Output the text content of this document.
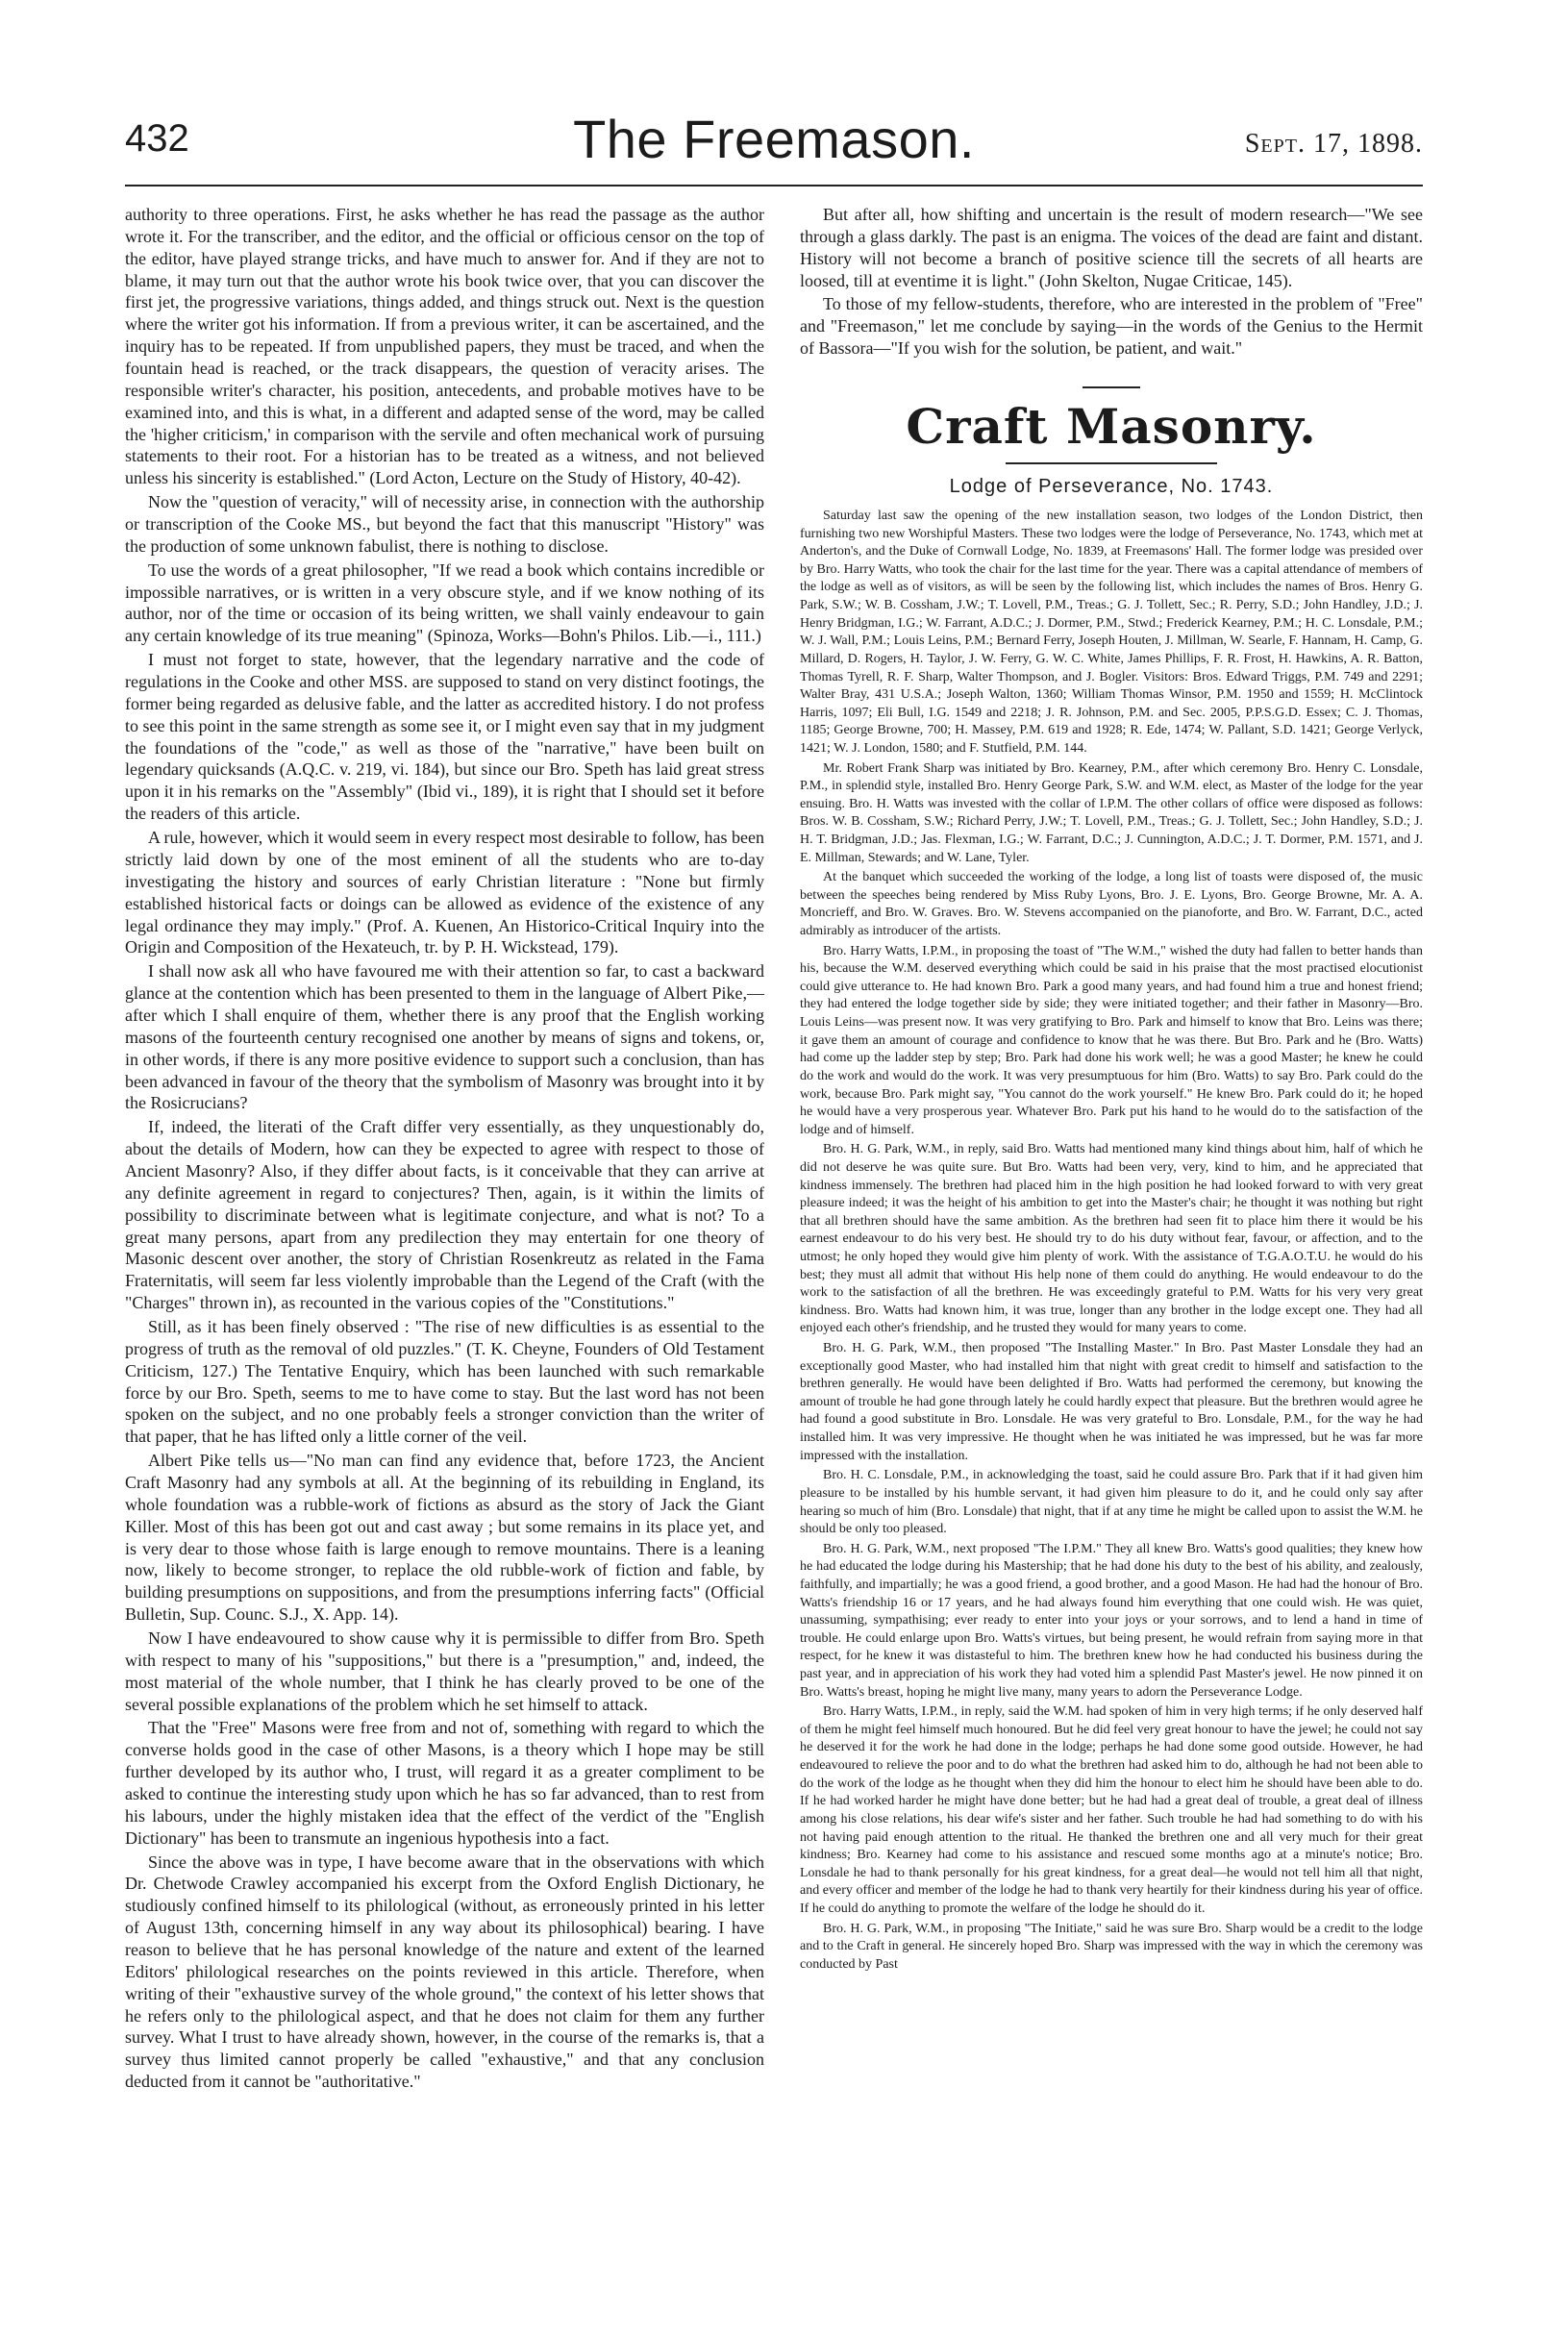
432	The Freemason.	Sept. 17, 1898.

authority to three operations. First, he asks whether he has read the passage as the author wrote it. For the transcriber, and the editor, and the official or officious censor on the top of the editor, have played strange tricks, and have much to answer for. And if they are not to blame, it may turn out that the author wrote his book twice over, that you can discover the first jet, the progressive variations, things added, and things struck out. Next is the question where the writer got his information. If from a previous writer, it can be ascertained, and the inquiry has to be repeated. If from unpublished papers, they must be traced, and when the fountain head is reached, or the track disappears, the question of veracity arises. The responsible writer's character, his position, antecedents, and probable motives have to be examined into, and this is what, in a different and adapted sense of the word, may be called the 'higher criticism,' in comparison with the servile and often mechanical work of pursuing statements to their root. For a historian has to be treated as a witness, and not believed unless his sincerity is established." (Lord Acton, Lecture on the Study of History, 40-42).

Now the "question of veracity," will of necessity arise, in connection with the authorship or transcription of the Cooke MS., but beyond the fact that this manuscript "History" was the production of some unknown fabulist, there is nothing to disclose.

To use the words of a great philosopher, "If we read a book which contains incredible or impossible narratives, or is written in a very obscure style, and if we know nothing of its author, nor of the time or occasion of its being written, we shall vainly endeavour to gain any certain knowledge of its true meaning" (Spinoza, Works—Bohn's Philos. Lib.—i., 111.)

I must not forget to state, however, that the legendary narrative and the code of regulations in the Cooke and other MSS. are supposed to stand on very distinct footings, the former being regarded as delusive fable, and the latter as accredited history. I do not profess to see this point in the same strength as some see it, or I might even say that in my judgment the foundations of the "code," as well as those of the "narrative," have been built on legendary quicksands (A.Q.C. v. 219, vi. 184), but since our Bro. Speth has laid great stress upon it in his remarks on the "Assembly" (Ibid vi., 189), it is right that I should set it before the readers of this article.

A rule, however, which it would seem in every respect most desirable to follow, has been strictly laid down by one of the most eminent of all the students who are to-day investigating the history and sources of early Christian literature : "None but firmly established historical facts or doings can be allowed as evidence of the existence of any legal ordinance they may imply." (Prof. A. Kuenen, An Historico-Critical Inquiry into the Origin and Composition of the Hexateuch, tr. by P. H. Wickstead, 179).

I shall now ask all who have favoured me with their attention so far, to cast a backward glance at the contention which has been presented to them in the language of Albert Pike,—after which I shall enquire of them, whether there is any proof that the English working masons of the fourteenth century recognised one another by means of signs and tokens, or, in other words, if there is any more positive evidence to support such a conclusion, than has been advanced in favour of the theory that the symbolism of Masonry was brought into it by the Rosicrucians?

If, indeed, the literati of the Craft differ very essentially, as they unquestionably do, about the details of Modern, how can they be expected to agree with respect to those of Ancient Masonry? Also, if they differ about facts, is it conceivable that they can arrive at any definite agreement in regard to conjectures? Then, again, is it within the limits of possibility to discriminate between what is legitimate conjecture, and what is not? To a great many persons, apart from any predilection they may entertain for one theory of Masonic descent over another, the story of Christian Rosenkreutz as related in the Fama Fraternitatis, will seem far less violently improbable than the Legend of the Craft (with the "Charges" thrown in), as recounted in the various copies of the "Constitutions."

Still, as it has been finely observed : "The rise of new difficulties is as essential to the progress of truth as the removal of old puzzles." (T. K. Cheyne, Founders of Old Testament Criticism, 127.) The Tentative Enquiry, which has been launched with such remarkable force by our Bro. Speth, seems to me to have come to stay. But the last word has not been spoken on the subject, and no one probably feels a stronger conviction than the writer of that paper, that he has lifted only a little corner of the veil.

Albert Pike tells us—"No man can find any evidence that, before 1723, the Ancient Craft Masonry had any symbols at all. At the beginning of its rebuilding in England, its whole foundation was a rubble-work of fictions as absurd as the story of Jack the Giant Killer. Most of this has been got out and cast away ; but some remains in its place yet, and is very dear to those whose faith is large enough to remove mountains. There is a leaning now, likely to become stronger, to replace the old rubble-work of fiction and fable, by building presumptions on suppositions, and from the presumptions inferring facts" (Official Bulletin, Sup. Counc. S.J., X. App. 14).

Now I have endeavoured to show cause why it is permissible to differ from Bro. Speth with respect to many of his "suppositions," but there is a "presumption," and, indeed, the most material of the whole number, that I think he has clearly proved to be one of the several possible explanations of the problem which he set himself to attack.

That the "Free" Masons were free from and not of, something with regard to which the converse holds good in the case of other Masons, is a theory which I hope may be still further developed by its author who, I trust, will regard it as a greater compliment to be asked to continue the interesting study upon which he has so far advanced, than to rest from his labours, under the highly mistaken idea that the effect of the verdict of the "English Dictionary" has been to transmute an ingenious hypothesis into a fact.

Since the above was in type, I have become aware that in the observations with which Dr. Chetwode Crawley accompanied his excerpt from the Oxford English Dictionary, he studiously confined himself to its philological (without, as erroneously printed in his letter of August 13th, concerning himself in any way about its philosophical) bearing. I have reason to believe that he has personal knowledge of the nature and extent of the learned Editors' philological researches on the points reviewed in this article. Therefore, when writing of their "exhaustive survey of the whole ground," the context of his letter shows that he refers only to the philological aspect, and that he does not claim for them any further survey. What I trust to have already shown, however, in the course of the remarks is, that a survey thus limited cannot properly be called "exhaustive," and that any conclusion deducted from it cannot be "authoritative."

But after all, how shifting and uncertain is the result of modern research—"We see through a glass darkly. The past is an enigma. The voices of the dead are faint and distant. History will not become a branch of positive science till the secrets of all hearts are loosed, till at eventime it is light." (John Skelton, Nugae Criticae, 145).

To those of my fellow-students, therefore, who are interested in the problem of "Free" and "Freemason," let me conclude by saying—in the words of the Genius to the Hermit of Bassora—"If you wish for the solution, be patient, and wait."

Craft Masonry.
Lodge of Perseverance, No. 1743.

Saturday last saw the opening of the new installation season, two lodges of the London District, then furnishing two new Worshipful Masters. These two lodges were the lodge of Perseverance, No. 1743, which met at Anderton's, and the Duke of Cornwall Lodge, No. 1839, at Freemasons' Hall. The former lodge was presided over by Bro. Harry Watts, who took the chair for the last time for the year. There was a capital attendance of members of the lodge as well as of visitors, as will be seen by the following list, which includes the names of Bros. Henry G. Park, S.W.; W. B. Cossham, J.W.; T. Lovell, P.M., Treas.; G. J. Tollett, Sec.; R. Perry, S.D.; John Handley, J.D.; J. Henry Bridgman, I.G.; W. Farrant, A.D.C.; J. Dormer, P.M., Stwd.; Frederick Kearney, P.M.; H. C. Lonsdale, P.M.; W. J. Wall, P.M.; Louis Leins, P.M.; Bernard Ferry, Joseph Houten, J. Millman, W. Searle, F. Hannam, H. Camp, G. Millard, D. Rogers, H. Taylor, J. W. Ferry, G. W. C. White, James Phillips, F. R. Frost, H. Hawkins, A. R. Batton, Thomas Tyrell, R. F. Sharp, Walter Thompson, and J. Bogler. Visitors: Bros. Edward Triggs, P.M. 749 and 2291; Walter Bray, 431 U.S.A.; Joseph Walton, 1360; William Thomas Winsor, P.M. 1950 and 1559; H. McClintock Harris, 1097; Eli Bull, I.G. 1549 and 2218; J. R. Johnson, P.M. and Sec. 2005, P.P.S.G.D. Essex; C. J. Thomas, 1185; George Browne, 700; H. Massey, P.M. 619 and 1928; R. Ede, 1474; W. Pallant, S.D. 1421; George Verlyck, 1421; W. J. London, 1580; and F. Stutfield, P.M. 144.

Mr. Robert Frank Sharp was initiated by Bro. Kearney, P.M., after which ceremony Bro. Henry C. Lonsdale, P.M., in splendid style, installed Bro. Henry George Park, S.W. and W.M. elect, as Master of the lodge for the year ensuing. Bro. H. Watts was invested with the collar of I.P.M. The other collars of office were disposed as follows: Bros. W. B. Cossham, S.W.; Richard Perry, J.W.; T. Lovell, P.M., Treas.; G. J. Tollett, Sec.; John Handley, S.D.; J. H. T. Bridgman, J.D.; Jas. Flexman, I.G.; W. Farrant, D.C.; J. Cunnington, A.D.C.; J. T. Dormer, P.M. 1571, and J. E. Millman, Stewards; and W. Lane, Tyler.

At the banquet which succeeded the working of the lodge, a long list of toasts were disposed of, the music between the speeches being rendered by Miss Ruby Lyons, Bro. J. E. Lyons, Bro. George Browne, Mr. A. A. Moncrieff, and Bro. W. Graves. Bro. W. Stevens accompanied on the pianoforte, and Bro. W. Farrant, D.C., acted admirably as introducer of the artists.

Bro. Harry Watts, I.P.M., in proposing the toast of "The W.M.," wished the duty had fallen to better hands than his, because the W.M. deserved everything which could be said in his praise that the most practised elocutionist could give utterance to. He had known Bro. Park a good many years, and had found him a true and honest friend; they had entered the lodge together side by side; they were initiated together; and their father in Masonry—Bro. Louis Leins—was present now. It was very gratifying to Bro. Park and himself to know that Bro. Leins was there; it gave them an amount of courage and confidence to know that he was there. But Bro. Park and he (Bro. Watts) had come up the ladder step by step; Bro. Park had done his work well; he was a good Master; he knew he could do the work and would do the work. It was very presumptuous for him (Bro. Watts) to say Bro. Park could do the work, because Bro. Park might say, "You cannot do the work yourself." He knew Bro. Park could do it; he hoped he would have a very prosperous year. Whatever Bro. Park put his hand to he would do to the satisfaction of the lodge and of himself.

Bro. H. G. Park, W.M., in reply, said Bro. Watts had mentioned many kind things about him, half of which he did not deserve he was quite sure. But Bro. Watts had been very, very, kind to him, and he appreciated that kindness immensely. The brethren had placed him in the high position he had looked forward to with very great pleasure indeed; it was the height of his ambition to get into the Master's chair; he thought it was nothing but right that all brethren should have the same ambition. As the brethren had seen fit to place him there it would be his earnest endeavour to do his very best. He should try to do his duty without fear, favour, or affection, and to the utmost; he only hoped they would give him plenty of work. With the assistance of T.G.A.O.T.U. he would do his best; they must all admit that without His help none of them could do anything. He would endeavour to do the work to the satisfaction of all the brethren. He was exceedingly grateful to P.M. Watts for his very very great kindness. Bro. Watts had known him, it was true, longer than any brother in the lodge except one. They had all enjoyed each other's friendship, and he trusted they would for many years to come.

Bro. H. G. Park, W.M., then proposed "The Installing Master." In Bro. Past Master Lonsdale they had an exceptionally good Master, who had installed him that night with great credit to himself and satisfaction to the brethren generally. He would have been delighted if Bro. Watts had performed the ceremony, but knowing the amount of trouble he had gone through lately he could hardly expect that pleasure. But the brethren would agree he had found a good substitute in Bro. Lonsdale. He was very grateful to Bro. Lonsdale, P.M., for the way he had installed him. It was very impressive. He thought when he was initiated he was impressed, but he was far more impressed with the installation.

Bro. H. C. Lonsdale, P.M., in acknowledging the toast, said he could assure Bro. Park that if it had given him pleasure to be installed by his humble servant, it had given him pleasure to do it, and he could only say after hearing so much of him (Bro. Lonsdale) that night, that if at any time he might be called upon to assist the W.M. he should be only too pleased.

Bro. H. G. Park, W.M., next proposed "The I.P.M." They all knew Bro. Watts's good qualities; they knew how he had educated the lodge during his Mastership; that he had done his duty to the best of his ability, and zealously, faithfully, and impartially; he was a good friend, a good brother, and a good Mason. He had had the honour of Bro. Watts's friendship 16 or 17 years, and he had always found him everything that one could wish. He was quiet, unassuming, sympathising; ever ready to enter into your joys or your sorrows, and to lend a hand in time of trouble. He could enlarge upon Bro. Watts's virtues, but being present, he would refrain from saying more in that respect, for he knew it was distasteful to him. The brethren knew how he had conducted his business during the past year, and in appreciation of his work they had voted him a splendid Past Master's jewel. He now pinned it on Bro. Watts's breast, hoping he might live many, many years to adorn the Perseverance Lodge.

Bro. Harry Watts, I.P.M., in reply, said the W.M. had spoken of him in very high terms; if he only deserved half of them he might feel himself much honoured. But he did feel very great honour to have the jewel; he could not say he deserved it for the work he had done in the lodge; perhaps he had done some good outside. However, he had endeavoured to relieve the poor and to do what the brethren had asked him to do, although he had not been able to do the work of the lodge as he thought when they did him the honour to elect him he should have been able to do. If he had worked harder he might have done better; but he had had a great deal of trouble, a great deal of illness among his close relations, his dear wife's sister and her father. Such trouble he had had something to do with his not having paid enough attention to the ritual. He thanked the brethren one and all very much for their great kindness; Bro. Kearney had come to his assistance and rescued some months ago at a minute's notice; Bro. Lonsdale he had to thank personally for his great kindness, for a great deal—he would not tell him all that night, and every officer and member of the lodge he had to thank very heartily for their kindness during his year of office. If he could do anything to promote the welfare of the lodge he should do it.

Bro. H. G. Park, W.M., in proposing "The Initiate," said he was sure Bro. Sharp would be a credit to the lodge and to the Craft in general. He sincerely hoped Bro. Sharp was impressed with the way in which the ceremony was conducted by Past
